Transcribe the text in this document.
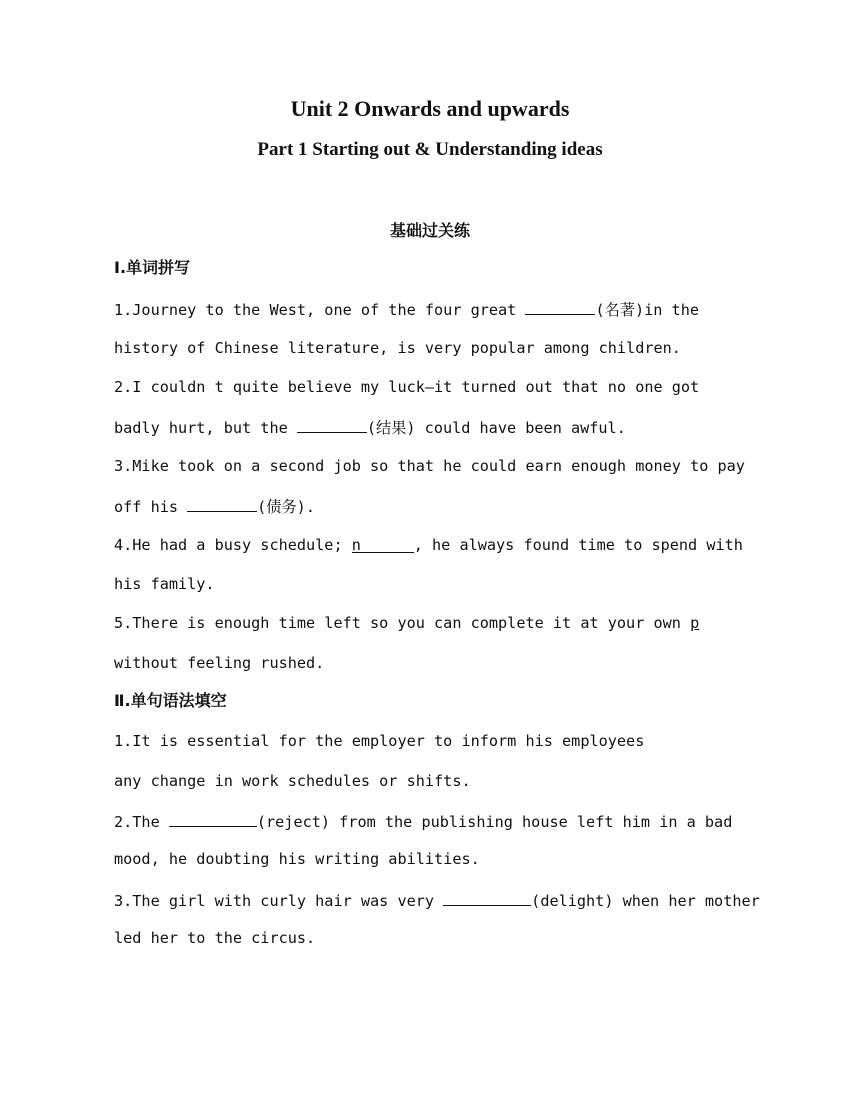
Unit 2 Onwards and upwards
Part 1 Starting out & Understanding ideas
基础过关练
Ⅰ.单词拼写
1.Journey to the West, one of the four great	(名著)in the
history of Chinese literature, is very popular among children.
2.I couldn t quite believe my luck—it turned out that no one got
badly hurt, but the	(结果) could have been awful.
3.Mike took on a second job so that he could earn enough money to pay
off his	(债务).
4.He had a busy schedule; n	, he always found time to spend with
his family.
5.There is enough time left so you can complete it at your own p
without feeling rushed.
Ⅱ.单句语法填空
1.It is essential for the employer to inform his employees
any change in work schedules or shifts.
2.The	(reject) from the publishing house left him in a bad
mood, he doubting his writing abilities.
3.The girl with curly hair was very	(delight) when her mother
led her to the circus.
